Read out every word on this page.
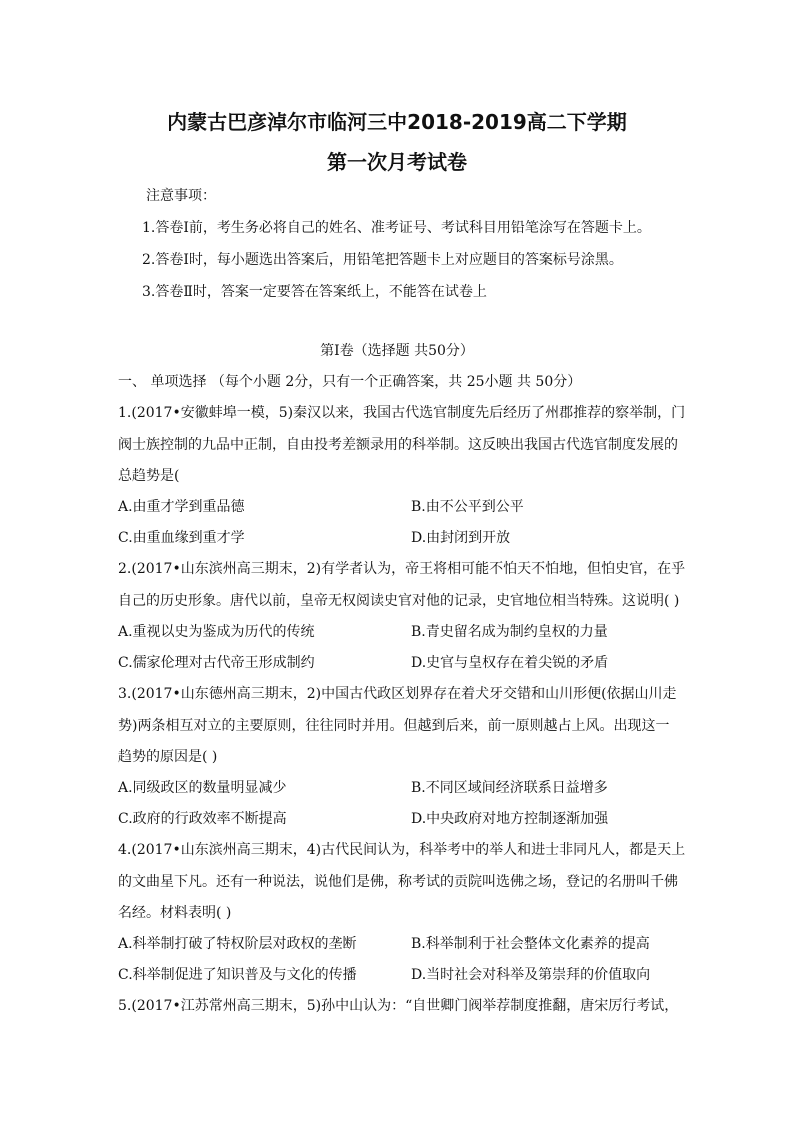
内蒙古巴彦淖尔市临河三中2018-2019高二下学期
第一次月考试卷
注意事项：
1.答卷Ⅰ前，考生务必将自己的姓名、准考证号、考试科目用铅笔涂写在答题卡上。
2.答卷Ⅰ时，每小题选出答案后，用铅笔把答题卡上对应题目的答案标号涂黑。
3.答卷Ⅱ时，答案一定要答在答案纸上，不能答在试卷上
第Ⅰ卷（选择题 共50分）
一、 单项选择 （每个小题 2分，只有一个正确答案，共 25小题 共 50分）
1.(2017•安徽蚌埠一模，5)秦汉以来，我国古代选官制度先后经历了州郡推荐的察举制，门
阀士族控制的九品中正制，自由投考差额录用的科举制。这反映出我国古代选官制度发展的
总趋势是(
A.由重才学到重品德	B.由不公平到公平
C.由重血缘到重才学	D.由封闭到开放
2.(2017•山东滨州高三期末，2)有学者认为，帝王将相可能不怕天不怕地，但怕史官，在乎
自己的历史形象。唐代以前，皇帝无权阅读史官对他的记录，史官地位相当特殊。这说明( )
A.重视以史为鉴成为历代的传统	B.青史留名成为制约皇权的力量
C.儒家伦理对古代帝王形成制约	D.史官与皇权存在着尖锐的矛盾
3.(2017•山东德州高三期末，2)中国古代政区划界存在着犬牙交错和山川形便(依据山川走
势)两条相互对立的主要原则，往往同时并用。但越到后来，前一原则越占上风。出现这一
趋势的原因是( )
A.同级政区的数量明显减少	B.不同区域间经济联系日益增多
C.政府的行政效率不断提高	D.中央政府对地方控制逐渐加强
4.(2017•山东滨州高三期末，4)古代民间认为，科举考中的举人和进士非同凡人，都是天上
的文曲星下凡。还有一种说法，说他们是佛，称考试的贡院叫选佛之场，登记的名册叫千佛
名经。材料表明( )
A.科举制打破了特权阶层对政权的垄断	B.科举制利于社会整体文化素养的提高
C.科举制促进了知识普及与文化的传播	D.当时社会对科举及第崇拜的价值取向
5.(2017•江苏常州高三期末，5)孙中山认为：“自世卿门阀举荐制度推翻，唐宋厉行考试，
